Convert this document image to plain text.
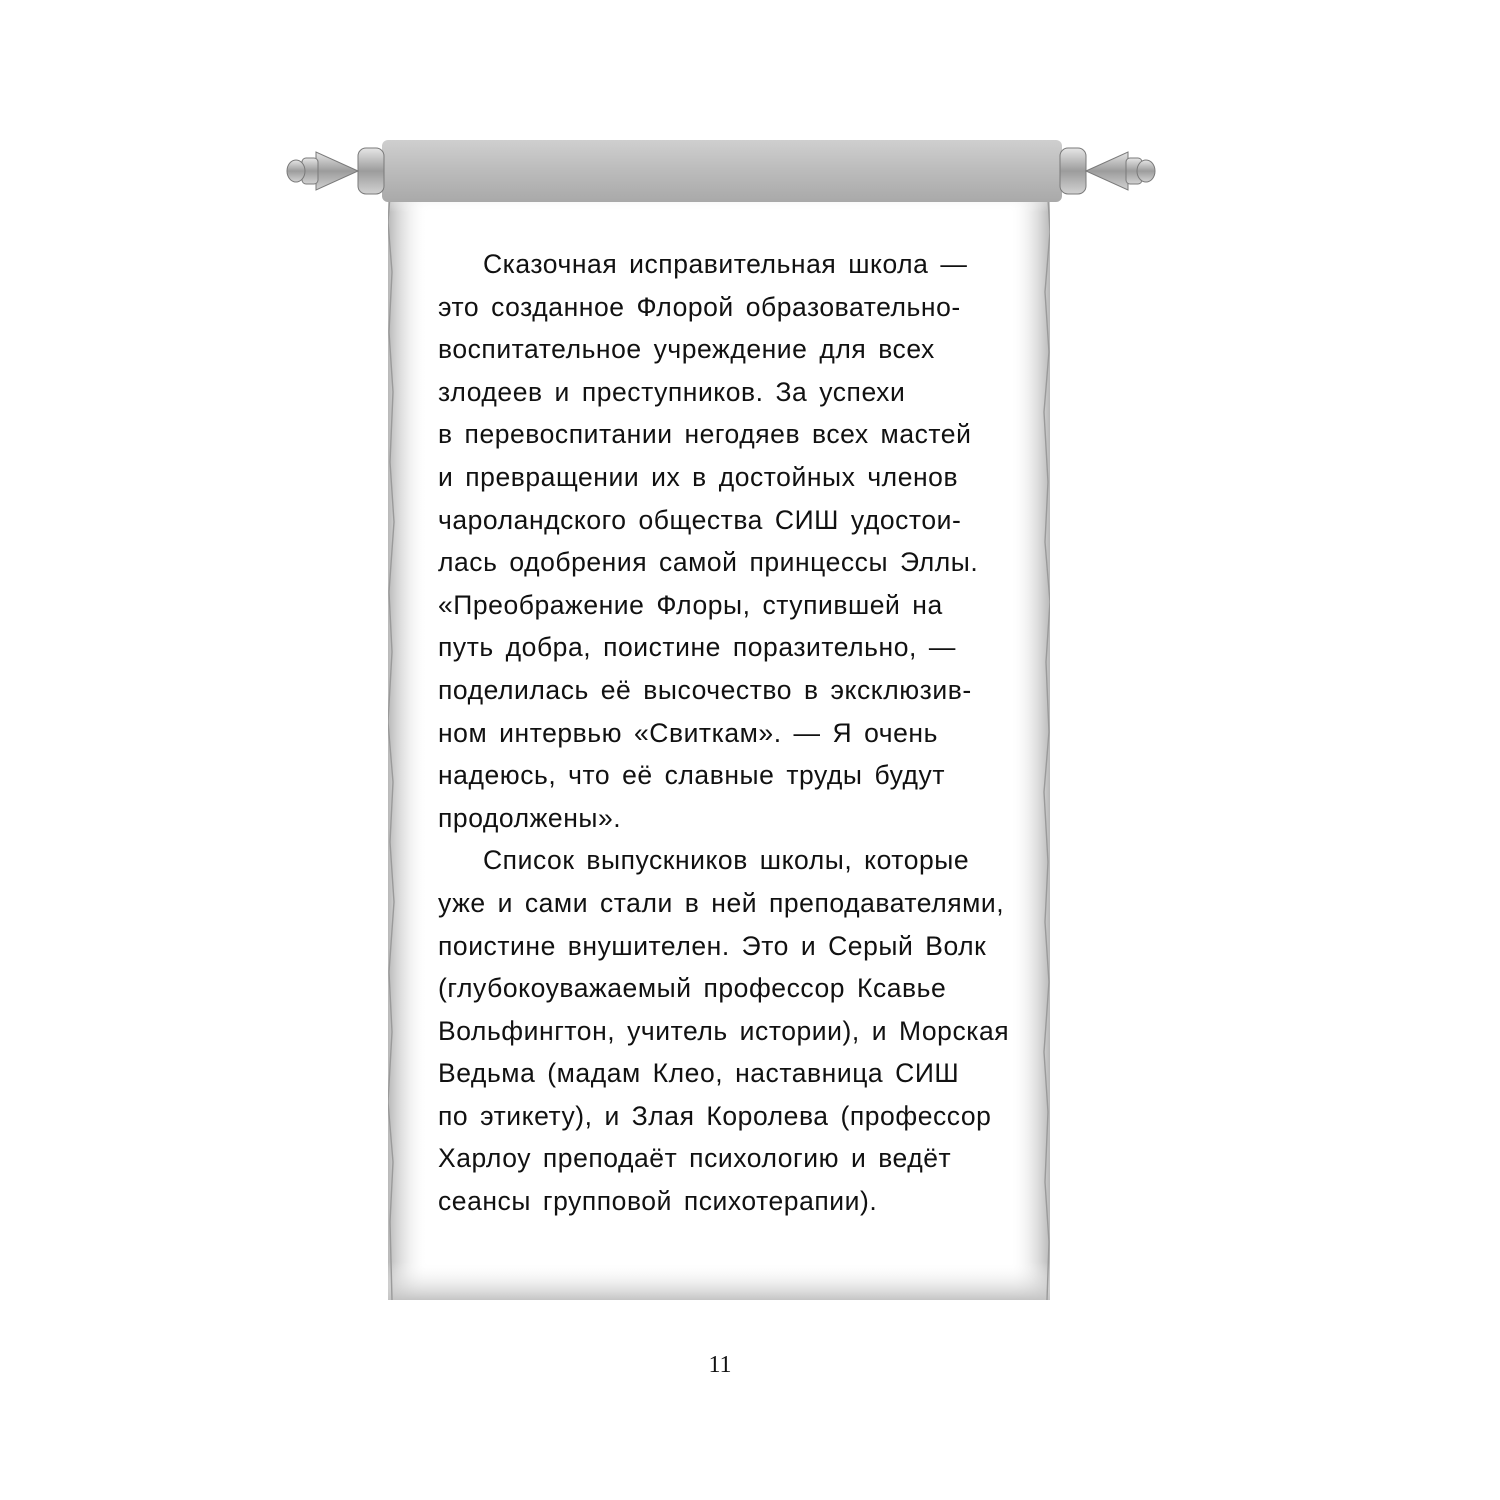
Сказочная исправительная школа —
это созданное Флорой образовательно-
воспитательное учреждение для всех
злодеев и преступников. За успехи
в перевоспитании негодяев всех мастей
и превращении их в достойных членов
чароландского общества СИШ удостои-
лась одобрения самой принцессы Эллы.
«Преображение Флоры, ступившей на
путь добра, поистине поразительно, —
поделилась её высочество в эксклюзив-
ном интервью «Свиткам». — Я очень
надеюсь, что её славные труды будут
продолжены».
Список выпускников школы, которые
уже и сами стали в ней преподавателями,
поистине внушителен. Это и Серый Волк
(глубокоуважаемый профессор Ксавье
Вольфингтон, учитель истории), и Морская
Ведьма (мадам Клео, наставница СИШ
по этикету), и Злая Королева (профессор
Харлоу преподаёт психологию и ведёт
сеансы групповой психотерапии).
11
